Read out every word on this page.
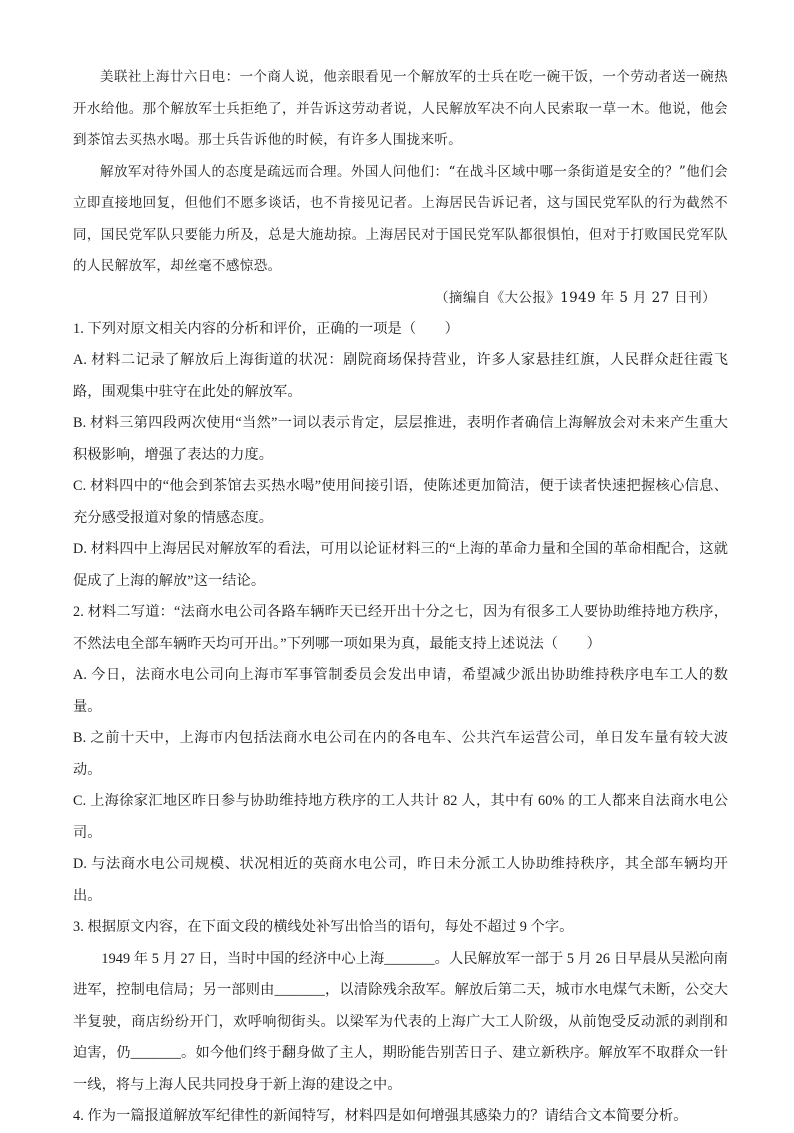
美联社上海廿六日电：一个商人说，他亲眼看见一个解放军的士兵在吃一碗干饭，一个劳动者送一碗热开水给他。那个解放军士兵拒绝了，并告诉这劳动者说，人民解放军决不向人民索取一草一木。他说，他会到茶馆去买热水喝。那士兵告诉他的时候，有许多人围拢来听。

解放军对待外国人的态度是疏远而合理。外国人问他们：“在战斗区域中哪一条街道是安全的？”他们会立即直接地回复，但他们不愿多谈话，也不肯接见记者。上海居民告诉记者，这与国民党军队的行为截然不同，国民党军队只要能力所及，总是大施劫掠。上海居民对于国民党军队都很惧怕，但对于打败国民党军队的人民解放军，却丝毫不感惊恐。

（摘编自《大公报》1949 年 5 月 27 日刊）

1. 下列对原文相关内容的分析和评价，正确的一项是（　　）

A. 材料二记录了解放后上海街道的状况：剧院商场保持营业，许多人家悬挂红旗，人民群众赶往霞飞路，围观集中驻守在此处的解放军。

B. 材料三第四段两次使用“当然”一词以表示肯定，层层推进，表明作者确信上海解放会对未来产生重大积极影响，增强了表达的力度。

C. 材料四中的“他会到茶馆去买热水喝”使用间接引语，使陈述更加简洁，便于读者快速把握核心信息、充分感受报道对象的情感态度。

D. 材料四中上海居民对解放军的看法，可用以论证材料三的“上海的革命力量和全国的革命相配合，这就促成了上海的解放”这一结论。

2. 材料二写道：“法商水电公司各路车辆昨天已经开出十分之七，因为有很多工人要协助维持地方秩序，不然法电全部车辆昨天均可开出。”下列哪一项如果为真，最能支持上述说法（　　）

A. 今日，法商水电公司向上海市军事管制委员会发出申请，希望减少派出协助维持秩序电车工人的数量。

B. 之前十天中，上海市内包括法商水电公司在内的各电车、公共汽车运营公司，单日发车量有较大波动。

C. 上海徐家汇地区昨日参与协助维持地方秩序的工人共计 82 人，其中有 60% 的工人都来自法商水电公司。

D. 与法商水电公司规模、状况相近的英商水电公司，昨日未分派工人协助维持秩序，其全部车辆均开出。

3. 根据原文内容，在下面文段的横线处补写出恰当的语句，每处不超过 9 个字。

1949 年 5 月 27 日，当时中国的经济中心上海_______。人民解放军一部于 5 月 26 日早晨从吴淞向南进军，控制电信局；另一部则由_______，以清除残余敌军。解放后第二天，城市水电煤气未断，公交大半复驶，商店纷纷开门，欢呼响彻街头。以梁军为代表的上海广大工人阶级，从前饱受反动派的剥削和迫害，仍_______。如今他们终于翻身做了主人，期盼能告别苦日子、建立新秩序。解放军不取群众一针一线，将与上海人民共同投身于新上海的建设之中。

4. 作为一篇报道解放军纪律性的新闻特写，材料四是如何增强其感染力的？请结合文本简要分析。
